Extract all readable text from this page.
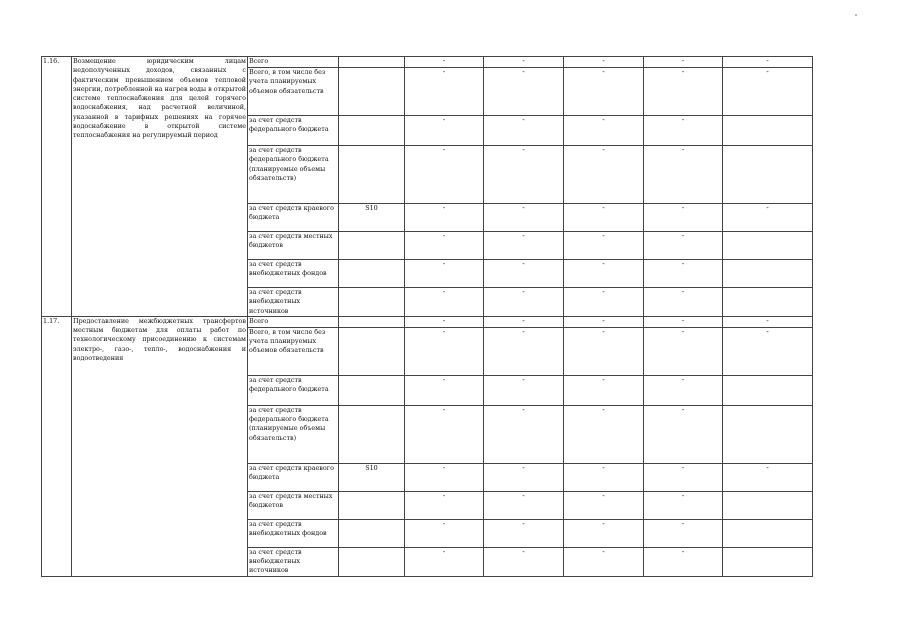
1.16.	Возмещение юридическим лицам недополученных доходов, связанных с фактическим превышением объемов тепловой энергии, потребленной на нагрев воды в открытой системе теплоснабжения для целей горячего водоснабжения, над расчетной величиной, указанной в тарифных решениях на горячее водоснабжение в открытой системе теплоснабжения на регулируемый период	Всего		-	-	-	-	-

		Всего, в том числе без учета планируемых объемов обязательств		-	-	-	-	-

		за счет средств федерального бюджета		-	-	-	-	

		за счет средств федерального бюджета (планируемые объемы обязательств)		-	-	-	-	

		за счет средств краевого бюджета	S10	-	-	-	-	-

		за счет средств местных бюджетов		-	-	-	-	

		за счет средств внебюджетных фондов		-	-	-	-	

		за счет средств внебюджетных источников		-	-	-	-	

1.17.	Предоставление межбюджетных трансфертов местным бюджетам для оплаты работ по технологическому присоединению к системам электро-, газо-, тепло-, водоснабжения и водоотведения	Всего		-	-	-	-	-

		Всего, в том числе без учета планируемых объемов обязательств		-	-	-	-	-

		за счет средств федерального бюджета		-	-	-	-	

		за счет средств федерального бюджета (планируемые объемы обязательств)		-	-	-	-	

		за счет средств краевого бюджета	S10	-	-	-	-	-

		за счет средств местных бюджетов		-	-	-	-	

		за счет средств внебюджетных фондов		-	-	-	-	

		за счет средств внебюджетных источников		-	-	-	-	
